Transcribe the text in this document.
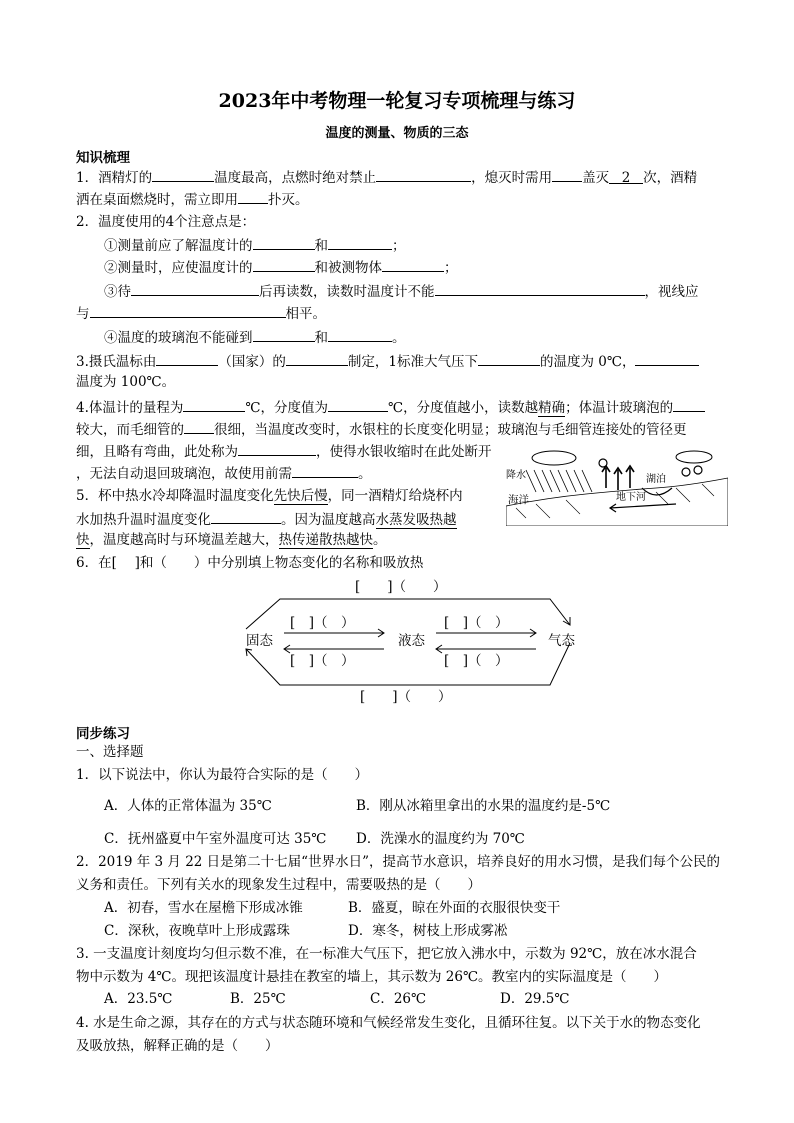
2023年中考物理一轮复习专项梳理与练习
温度的测量、物质的三态
知识梳理
1．酒精灯的	温度最高，点燃时绝对禁止	，熄灭时需用 盖灭 2 次，酒精
洒在桌面燃烧时，需立即用 扑灭。
2．温度使用的4个注意点是：
①测量前应了解温度计的	和	；
②测量时，应使温度计的	和被测物体	；
③待	后再读数，读数时温度计不能	，视线应
与	相平。
④温度的玻璃泡不能碰到	和	。
3.摄氏温标由	（国家）的	制定，1标准大气压下	的温度为 0℃，
温度为 100℃。
4.体温计的量程为	℃，分度值为	℃，分度值越小，读数越精确；体温计玻璃泡的
较大，而毛细管的 很细，当温度改变时，水银柱的长度变化明显；玻璃泡与毛细管连接处的管径更
细，且略有弯曲，此处称为	，使得水银收缩时在此处断开
，无法自动退回玻璃泡，故使用前需	。
5．杯中热水冷却降温时温度变化先快后慢，同一酒精灯给烧杯内
水加热升温时温度变化	。因为温度越高水蒸发吸热越
快，温度越高时与环境温差越大，热传递散热越快。
降水	湖泊
地下河
海洋
6．在[　 ]和（　　）中分别填上物态变化的名称和吸放热
[　　]（　　）
[　　]（　　）
[　]（　）
[　]（　）
[　]（　）
[　]（　）
固态	液态	气态
同步练习
一、选择题
1．以下说法中，你认为最符合实际的是（　　）
A．人体的正常体温为 35℃	B．刚从冰箱里拿出的水果的温度约是-5℃
C．抚州盛夏中午室外温度可达 35℃ D．洗澡水的温度约为 70℃
2．2019 年 3 月 22 日是第二十七届“世界水日”，提高节水意识，培养良好的用水习惯，是我们每个公民的
义务和责任。下列有关水的现象发生过程中，需要吸热的是（　　）
A．初春，雪水在屋檐下形成冰锥	B．盛夏，晾在外面的衣服很快变干
C．深秋，夜晚草叶上形成露珠	D．寒冬，树枝上形成雾凇
3. 一支温度计刻度均匀但示数不准，在一标准大气压下，把它放入沸水中，示数为 92℃，放在冰水混合
物中示数为 4℃。现把该温度计悬挂在教室的墙上，其示数为 26℃。教室内的实际温度是（　　）
A．23.5℃	B．25℃	C．26℃	D．29.5℃
4. 水是生命之源，其存在的方式与状态随环境和气候经常发生变化，且循环往复。以下关于水的物态变化
及吸放热，解释正确的是（　　）
